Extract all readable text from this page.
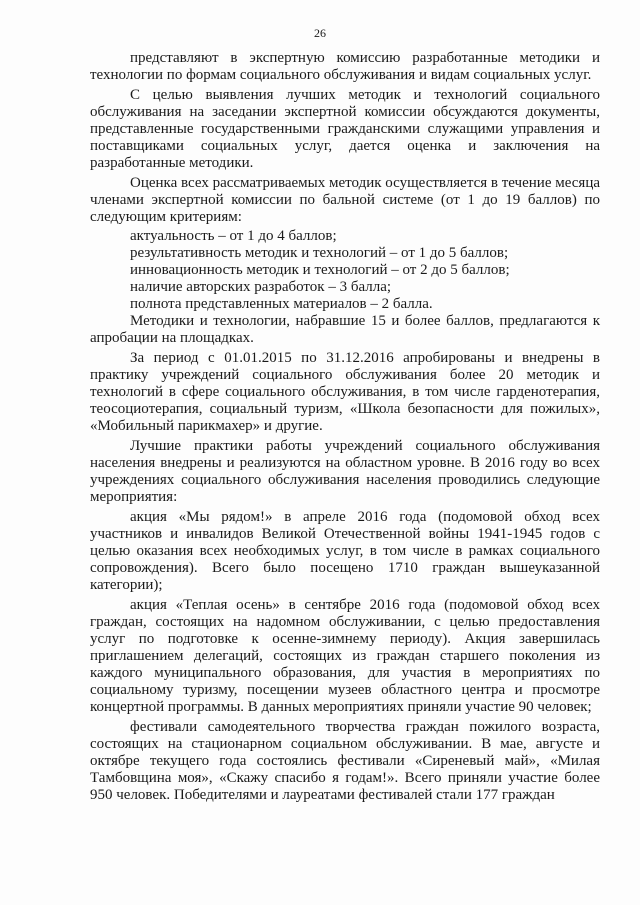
26

представляют в экспертную комиссию разработанные методики и технологии по формам социального обслуживания и видам социальных услуг.

С целью выявления лучших методик и технологий социального обслуживания на заседании экспертной комиссии обсуждаются документы, представленные государственными гражданскими служащими управления и поставщиками социальных услуг, дается оценка и заключения на разработанные методики.

Оценка всех рассматриваемых методик осуществляется в течение месяца членами экспертной комиссии по бальной системе (от 1 до 19 баллов) по следующим критериям:

актуальность – от 1 до 4 баллов;

результативность методик и технологий – от 1 до 5 баллов;

инновационность методик и технологий – от 2 до 5 баллов;

наличие авторских разработок – 3 балла;

полнота представленных материалов – 2 балла.

Методики и технологии, набравшие 15 и более баллов, предлагаются к апробации на площадках.

За период с 01.01.2015 по 31.12.2016 апробированы и внедрены в практику учреждений социального обслуживания более 20 методик и технологий в сфере социального обслуживания, в том числе гарденотерапия, теосоциотерапия, социальный туризм, «Школа безопасности для пожилых», «Мобильный парикмахер» и другие.

Лучшие практики работы учреждений социального обслуживания населения внедрены и реализуются на областном уровне. В 2016 году во всех учреждениях социального обслуживания населения проводились следующие мероприятия:

акция «Мы рядом!» в апреле 2016 года (подомовой обход всех участников и инвалидов Великой Отечественной войны 1941-1945 годов с целью оказания всех необходимых услуг, в том числе в рамках социального сопровождения). Всего было посещено 1710 граждан вышеуказанной категории);

акция «Теплая осень» в сентябре 2016 года (подомовой обход всех граждан, состоящих на надомном обслуживании, с целью предоставления услуг по подготовке к осенне-зимнему периоду). Акция завершилась приглашением делегаций, состоящих из граждан старшего поколения из каждого муниципального образования, для участия в мероприятиях по социальному туризму, посещении музеев областного центра и просмотре концертной программы. В данных мероприятиях приняли участие 90 человек;

фестивали самодеятельного творчества граждан пожилого возраста, состоящих на стационарном социальном обслуживании. В мае, августе и октябре текущего года состоялись фестивали «Сиреневый май», «Милая Тамбовщина моя», «Скажу спасибо я годам!». Всего приняли участие более 950 человек. Победителями и лауреатами фестивалей стали 177 граждан
